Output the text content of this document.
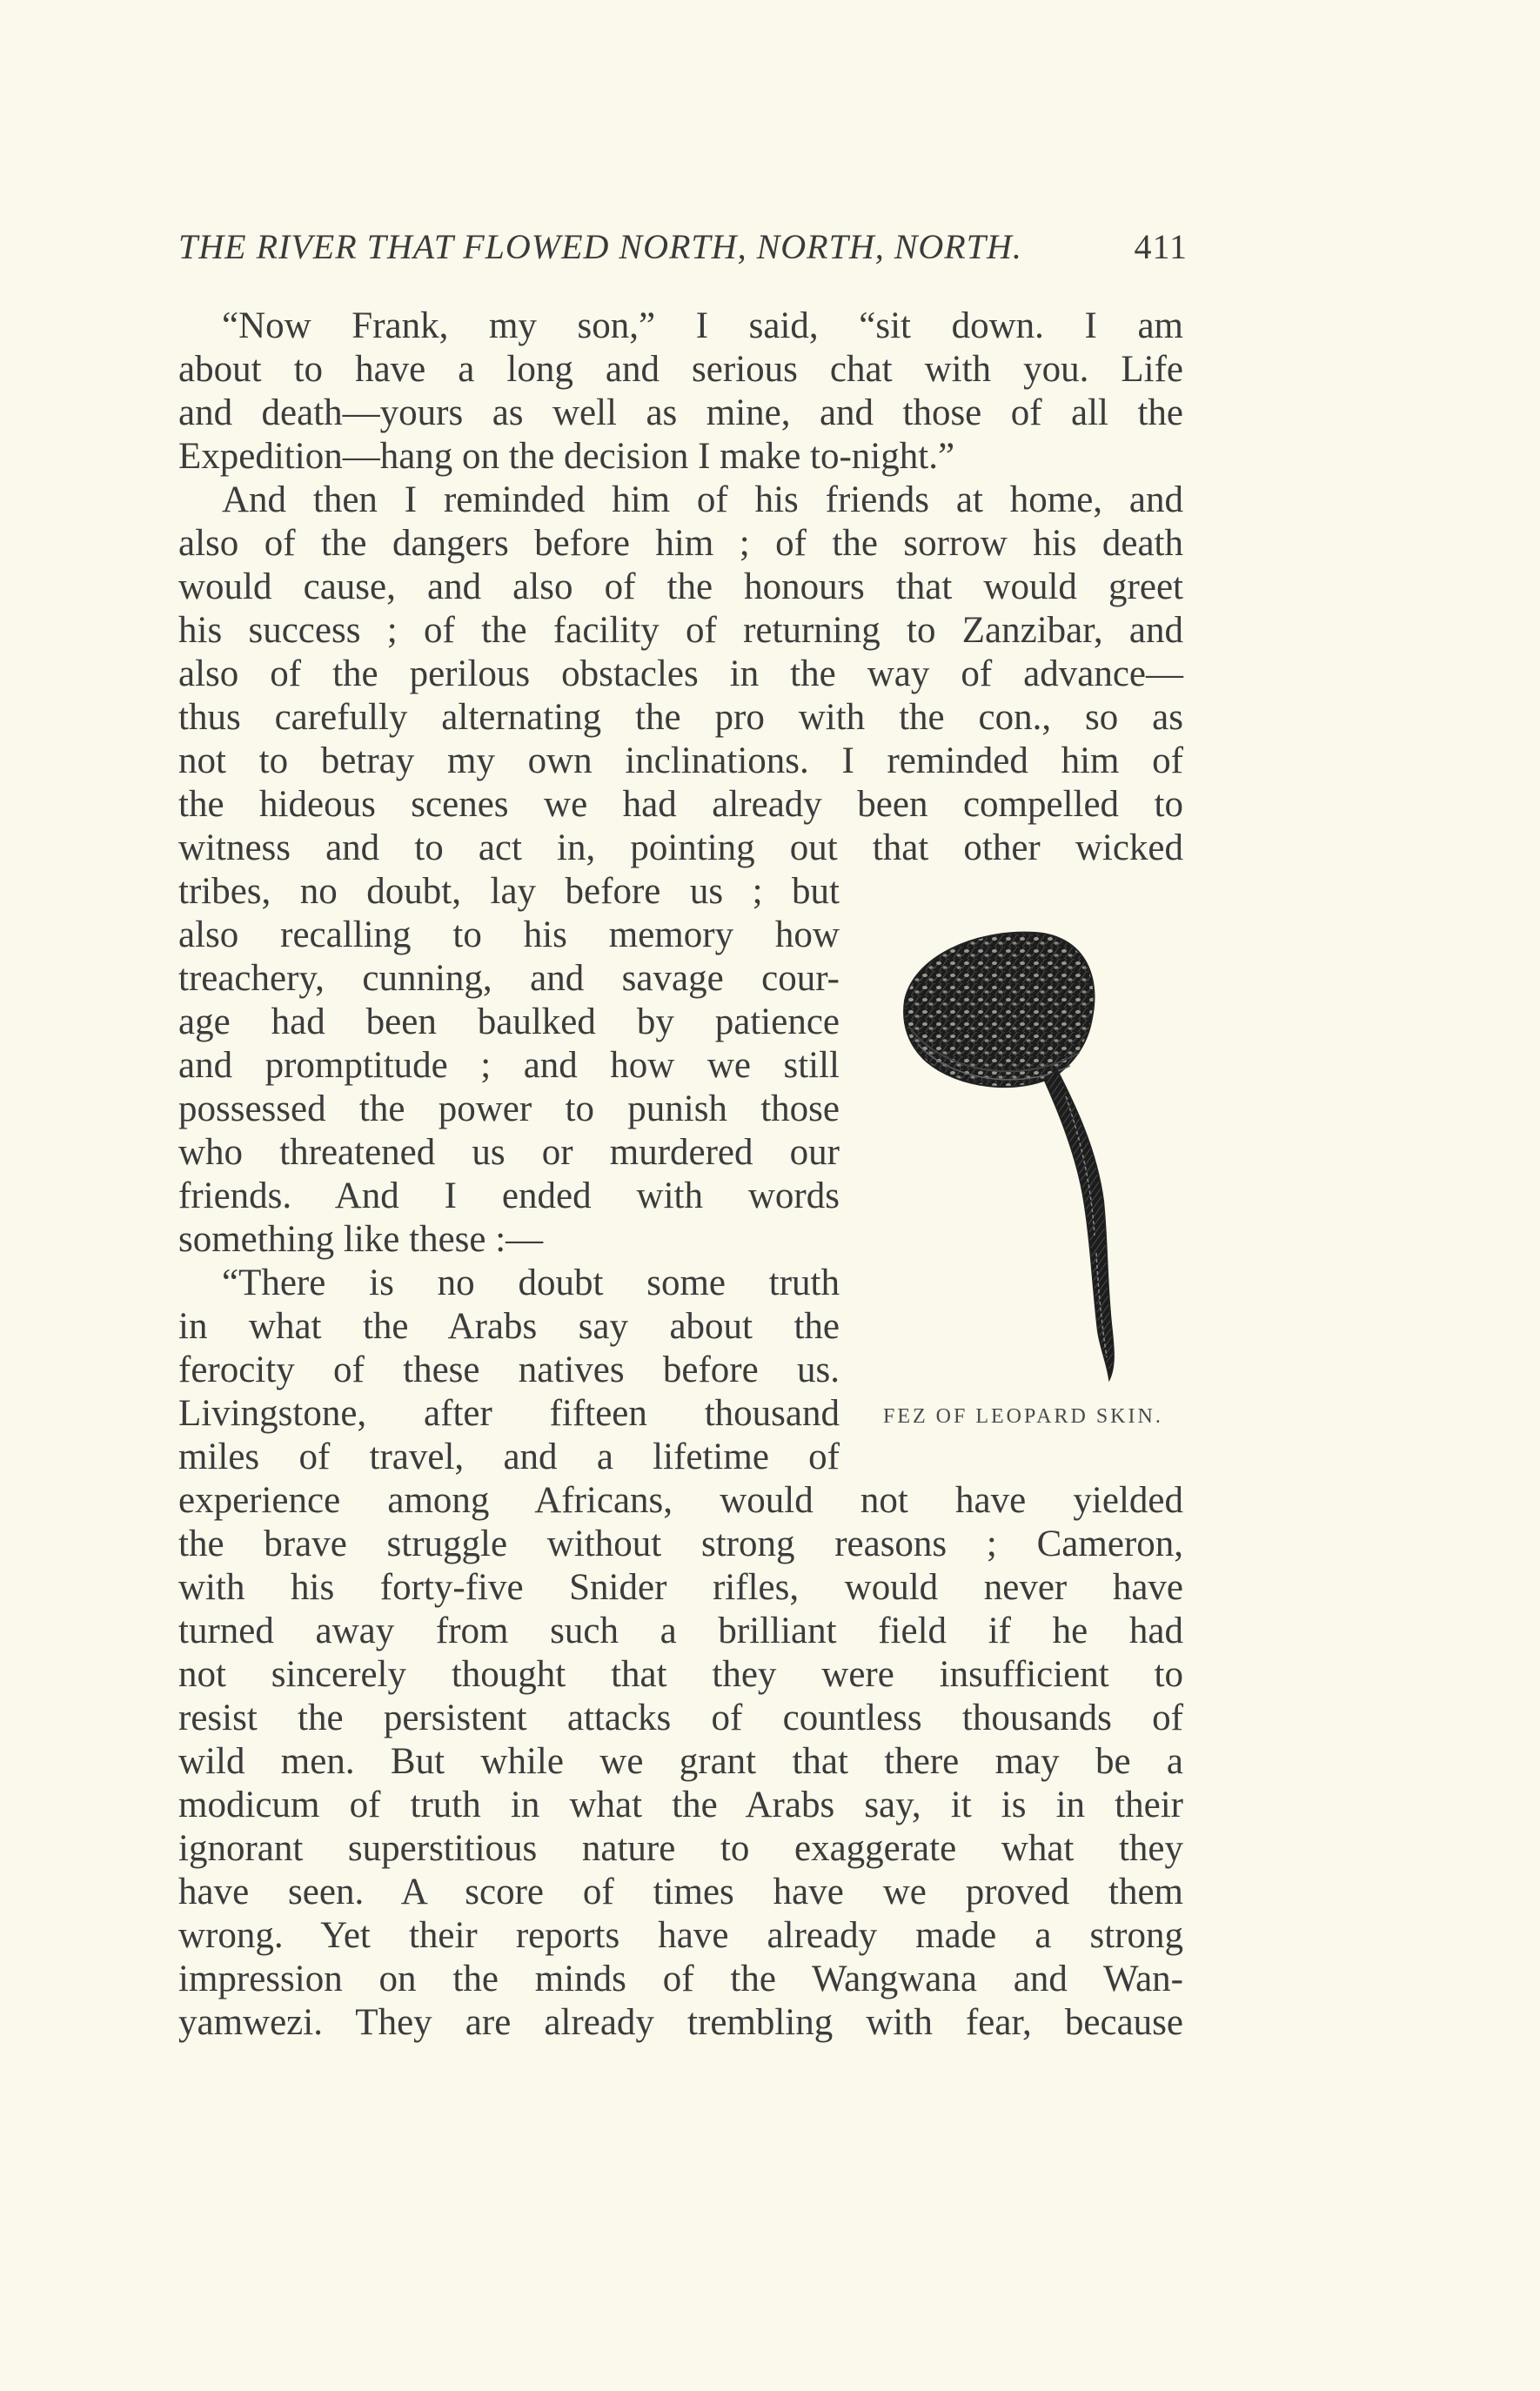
THE RIVER THAT FLOWED NORTH, NORTH, NORTH.	411
“Now Frank, my son,” I said, “sit down. I am
about to have a long and serious chat with you. Life
and death—yours as well as mine, and those of all the
Expedition—hang on the decision I make to-night.”
And then I reminded him of his friends at home, and
also of the dangers before him ; of the sorrow his death
would cause, and also of the honours that would greet
his success ; of the facility of returning to Zanzibar, and
also of the perilous obstacles in the way of advance—
thus carefully alternating the pro with the con., so as
not to betray my own inclinations. I reminded him of
the hideous scenes we had already been compelled to
witness and to act in, pointing out that other wicked
tribes, no doubt, lay before us ; but
also recalling to his memory how
treachery, cunning, and savage cour-
age had been baulked by patience
and promptitude ; and how we still
possessed the power to punish those
who threatened us or murdered our
friends. And I ended with words
something like these :—
“There is no doubt some truth
in what the Arabs say about the
ferocity of these natives before us.
Livingstone, after fifteen thousand
miles of travel, and a lifetime of
experience among Africans, would not have yielded
the brave struggle without strong reasons ; Cameron,
with his forty-five Snider rifles, would never have
turned away from such a brilliant field if he had
not sincerely thought that they were insufficient to
resist the persistent attacks of countless thousands of
wild men. But while we grant that there may be a
modicum of truth in what the Arabs say, it is in their
ignorant superstitious nature to exaggerate what they
have seen. A score of times have we proved them
wrong. Yet their reports have already made a strong
impression on the minds of the Wangwana and Wan-
yamwezi. They are already trembling with fear, because
FEZ OF LEOPARD SKIN.
